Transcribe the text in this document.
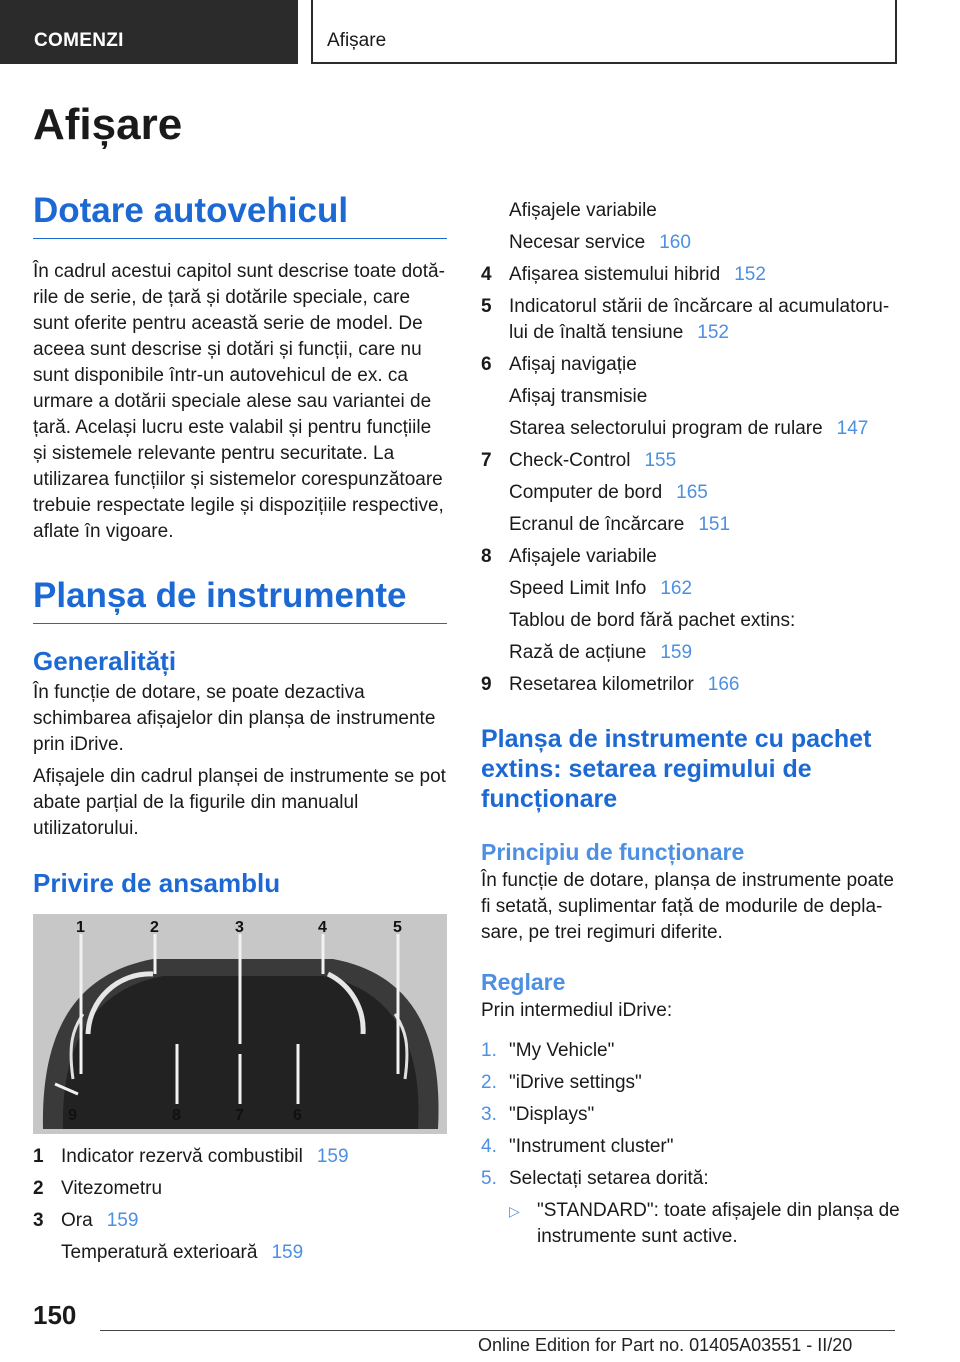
COMENZI	Afișare
Afișare
Dotare autovehicul

În cadrul acestui capitol sunt descrise toate dotările de serie, de țară și dotările speciale, care sunt oferite pentru această serie de model. De aceea sunt descrise și dotări și funcții, care nu sunt disponibile într-un autovehicul de ex. ca urmare a dotării speciale alese sau variantei de țară. Același lucru este valabil și pentru funcțiile și sistemele relevante pentru securitate. La utilizarea funcțiilor și sistemelor corespunzătoare trebuie respectate legile și dispozițiile respective, aflate în vigoare.

Planșa de instrumente
Generalități

În funcție de dotare, se poate dezactiva schimbarea afișajelor din planșa de instrumente prin iDrive.

Afișajele din cadrul planșei de instrumente se pot abate parțial de la figurile din manualul utilizatorului.

Privire de ansamblu
1	2	3	4	5
9	8	7	6
1 Indicator rezervă combustibil 159
2 Vitezometru
3 Ora 159
Temperatură exterioară 159
Afișajele variabile
Necesar service 160
4 Afișarea sistemului hibrid 152
5 Indicatorul stării de încărcare al acumulatorului de înaltă tensiune 152
6 Afișaj navigație
Afișaj transmisie
Starea selectorului program de rulare 147
7 Check-Control 155
Computer de bord 165
Ecranul de încărcare 151
8 Afișajele variabile
Speed Limit Info 162
Tablou de bord fără pachet extins:
Rază de acțiune 159
9 Resetarea kilometrilor 166
Planșa de instrumente cu pachet extins: setarea regimului de funcționare
Principiu de funcționare

În funcție de dotare, planșa de instrumente poate fi setată, suplimentar față de modurile de deplasare, pe trei regimuri diferite.

Reglare

Prin intermediul iDrive:

1. "My Vehicle"
2. "iDrive settings"
3. "Displays"
4. "Instrument cluster"
5. Selectați setarea dorită:
▷ "STANDARD": toate afișajele din planșa de instrumente sunt active.
150
Online Edition for Part no. 01405A03551 - II/20
